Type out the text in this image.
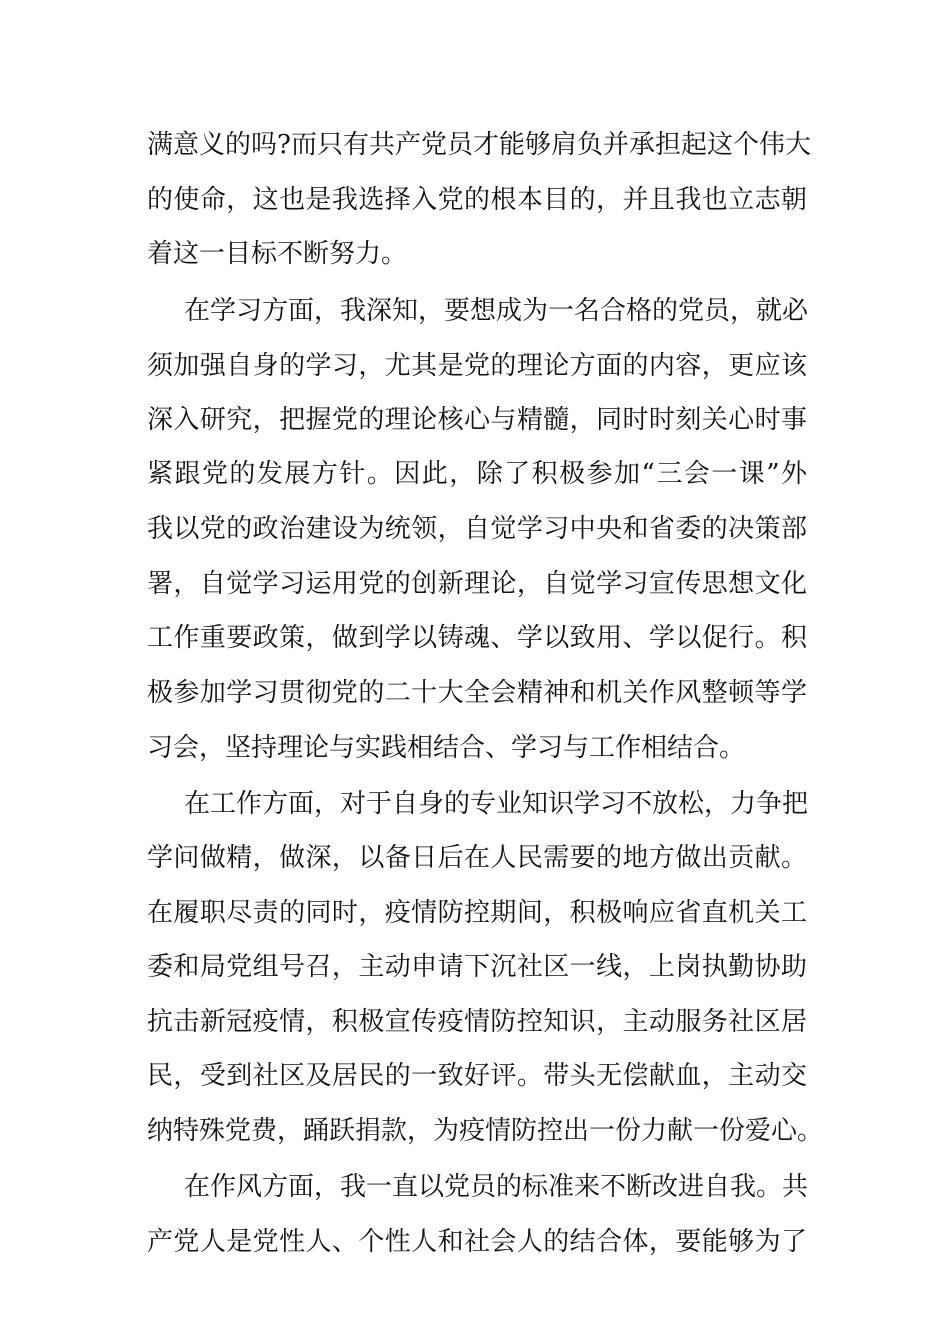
满意义的吗?而只有共产党员才能够肩负并承担起这个伟大
的使命，这也是我选择入党的根本目的，并且我也立志朝
着这一目标不断努力。
在学习方面，我深知，要想成为一名合格的党员，就必
须加强自身的学习，尤其是党的理论方面的内容，更应该
深入研究，把握党的理论核心与精髓，同时时刻关心时事
紧跟党的发展方针。因此，除了积极参加“三会一课”外
我以党的政治建设为统领，自觉学习中央和省委的决策部
署，自觉学习运用党的创新理论，自觉学习宣传思想文化
工作重要政策，做到学以铸魂、学以致用、学以促行。积
极参加学习贯彻党的二十大全会精神和机关作风整顿等学
习会，坚持理论与实践相结合、学习与工作相结合。
在工作方面，对于自身的专业知识学习不放松，力争把
学问做精，做深，以备日后在人民需要的地方做出贡献。
在履职尽责的同时，疫情防控期间，积极响应省直机关工
委和局党组号召，主动申请下沉社区一线，上岗执勤协助
抗击新冠疫情，积极宣传疫情防控知识，主动服务社区居
民，受到社区及居民的一致好评。带头无偿献血，主动交
纳特殊党费，踊跃捐款，为疫情防控出一份力献一份爱心。
在作风方面，我一直以党员的标准来不断改进自我。共
产党人是党性人、个性人和社会人的结合体，要能够为了
